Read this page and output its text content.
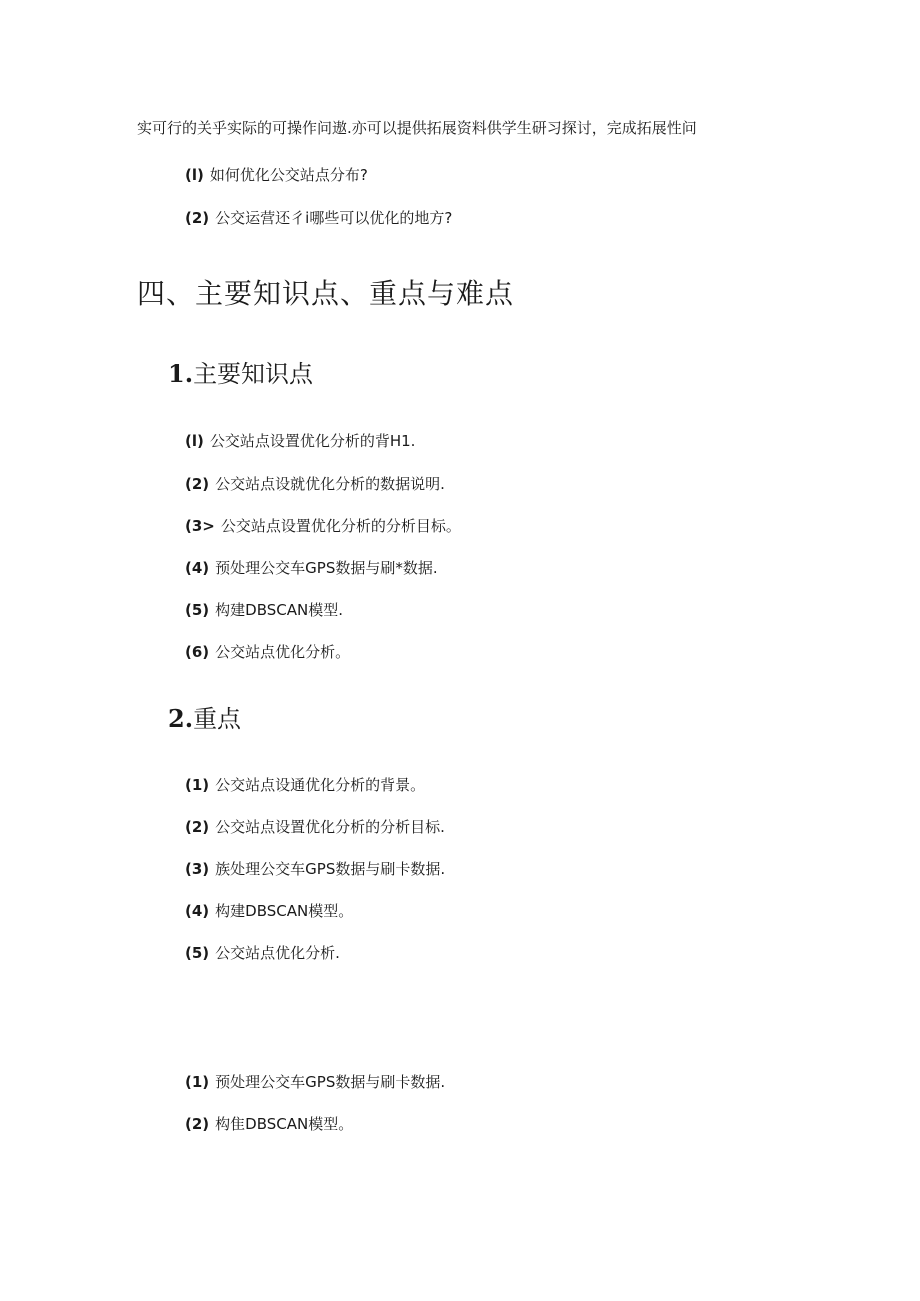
实可行的关乎实际的可操作问遨.亦可以提供拓展资料供学生研习探讨，完成拓展性问
(l) 如何优化公交站点分布?
(2) 公交运营还彳i哪些可以优化的地方?
四、主要知识点、重点与难点
1.主要知识点
(l) 公交站点设置优化分析的背H1.
(2) 公交站点设就优化分析的数据说明.
(3> 公交站点设置优化分析的分析目标。
(4) 预处理公交车GPS数据与刷*数据.
(5) 构建DBSCAN模型.
(6) 公交站点优化分析。
2.重点
(1) 公交站点设通优化分析的背景。
(2) 公交站点设置优化分析的分析目标.
(3) 族处理公交车GPS数据与刷卡数据.
(4) 构建DBSCAN模型。
(5) 公交站点优化分析.
(1) 预处理公交车GPS数据与刷卡数据.
(2) 构隹DBSCAN模型。
